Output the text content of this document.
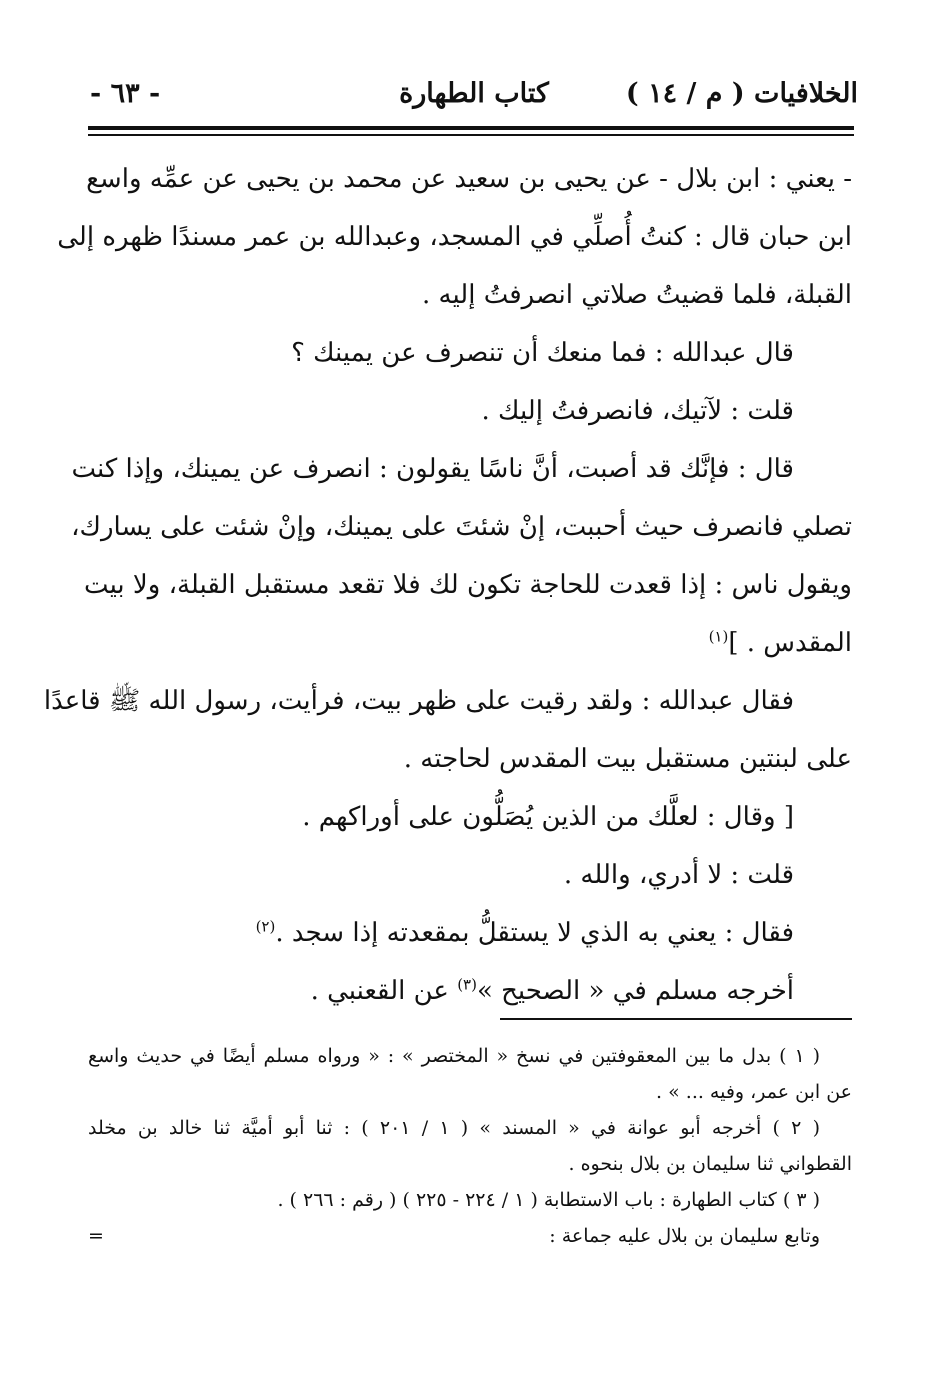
الخلافيات ( م / ١٤ )
كتاب الطهارة
- ٦٣ -
- يعني : ابن بلال - عن يحيى بن سعيد عن محمد بن يحيى عن عمِّه واسع
ابن حبان قال : كنتُ أُصلِّي في المسجد، وعبدالله بن عمر مسندًا ظهره إلى
القبلة، فلما قضيتُ صلاتي انصرفتُ إليه .
قال عبدالله : فما منعك أن تنصرف عن يمينك ؟
قلت : لآتيك، فانصرفتُ إليك .
قال : فإنَّك قد أصبت، أنَّ ناسًا يقولون : انصرف عن يمينك، وإذا كنت
تصلي فانصرف حيث أحببت، إنْ شئتَ على يمينك، وإنْ شئت على يسارك،
ويقول ناس : إذا قعدت للحاجة تكون لك فلا تقعد مستقبل القبلة، ولا بيت
المقدس . ]$^{(١)}$
فقال عبدالله : ولقد رقيت على ظهر بيت، فرأيت، رسول الله ﷺ قاعدًا
على لبنتين مستقبل بيت المقدس لحاجته .
[ وقال : لعلَّك من الذين يُصَلُّون على أوراكهم .
قلت : لا أدري، والله .
فقال : يعني به الذي لا يستقلُّ بمقعدته إذا سجد .$^{(٢)}$
أخرجه مسلم في « الصحيح »$^{(٣)}$ عن القعنبي .
( ١ ) بدل ما بين المعقوفتين في نسخ « المختصر » : « ورواه مسلم أيضًا في حديث واسع
عن ابن عمر، وفيه ... » .
( ٢ ) أخرجه أبو عوانة في « المسند » ( ١ / ٢٠١ ) : ثنا أبو أميَّة ثنا خالد بن مخلد
القطواني ثنا سليمان بن بلال بنحوه .
( ٣ ) كتاب الطهارة : باب الاستطابة ( ١ / ٢٢٤ - ٢٢٥ ) ( رقم : ٢٦٦ ) .
وتابع سليمان بن بلال عليه جماعة :
=
